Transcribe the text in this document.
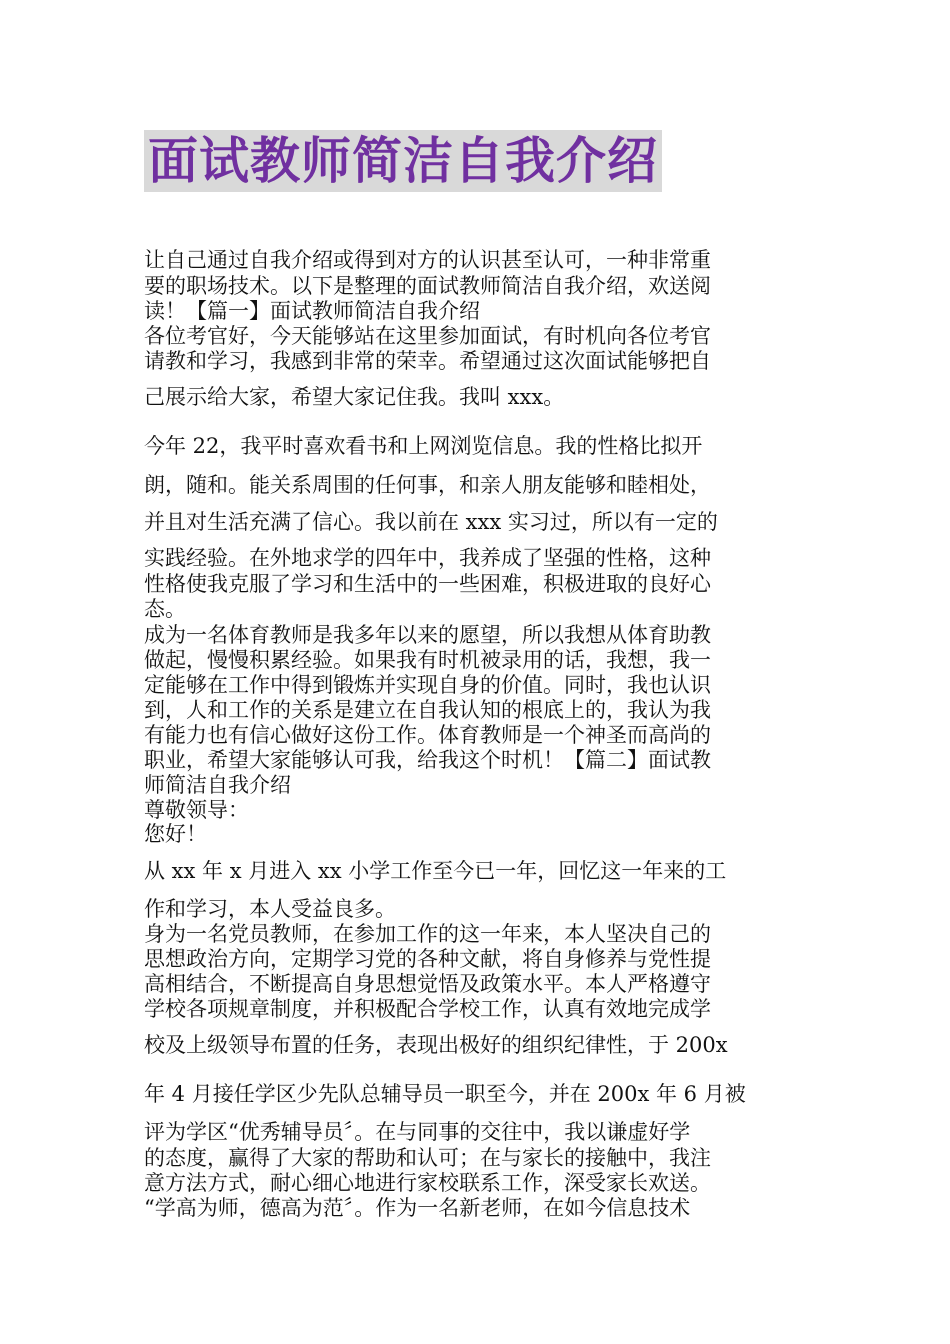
面试教师简洁自我介绍
让自己通过自我介绍或得到对方的认识甚至认可，一种非常重
要的职场技术。以下是整理的面试教师简洁自我介绍，欢送阅
读！【篇一】面试教师简洁自我介绍
各位考官好，今天能够站在这里参加面试，有时机向各位考官
请教和学习，我感到非常的荣幸。希望通过这次面试能够把自
己展示给大家，希望大家记住我。我叫 xxx。
今年 22，我平时喜欢看书和上网浏览信息。我的性格比拟开
朗，随和。能关系周围的任何事，和亲人朋友能够和睦相处，
并且对生活充满了信心。我以前在 xxx 实习过，所以有一定的
实践经验。在外地求学的四年中，我养成了坚强的性格，这种
性格使我克服了学习和生活中的一些困难，积极进取的良好心
态。
成为一名体育教师是我多年以来的愿望，所以我想从体育助教
做起，慢慢积累经验。如果我有时机被录用的话，我想，我一
定能够在工作中得到锻炼并实现自身的价值。同时，我也认识
到，人和工作的关系是建立在自我认知的根底上的，我认为我
有能力也有信心做好这份工作。体育教师是一个神圣而高尚的
职业，希望大家能够认可我，给我这个时机！【篇二】面试教
师简洁自我介绍
尊敬领导：
您好！
从 xx 年 x 月进入 xx 小学工作至今已一年，回忆这一年来的工
作和学习，本人受益良多。
身为一名党员教师，在参加工作的这一年来，本人坚决自己的
思想政治方向，定期学习党的各种文献，将自身修养与党性提
高相结合，不断提高自身思想觉悟及政策水平。本人严格遵守
学校各项规章制度，并积极配合学校工作，认真有效地完成学
校及上级领导布置的任务，表现出极好的组织纪律性，于 200x
年 4 月接任学区少先队总辅导员一职至今，并在 200x 年 6 月被
评为学区“优秀辅导员〞。在与同事的交往中，我以谦虚好学
的态度，赢得了大家的帮助和认可；在与家长的接触中，我注
意方法方式，耐心细心地进行家校联系工作，深受家长欢送。
“学高为师，德高为范〞。作为一名新老师，在如今信息技术
